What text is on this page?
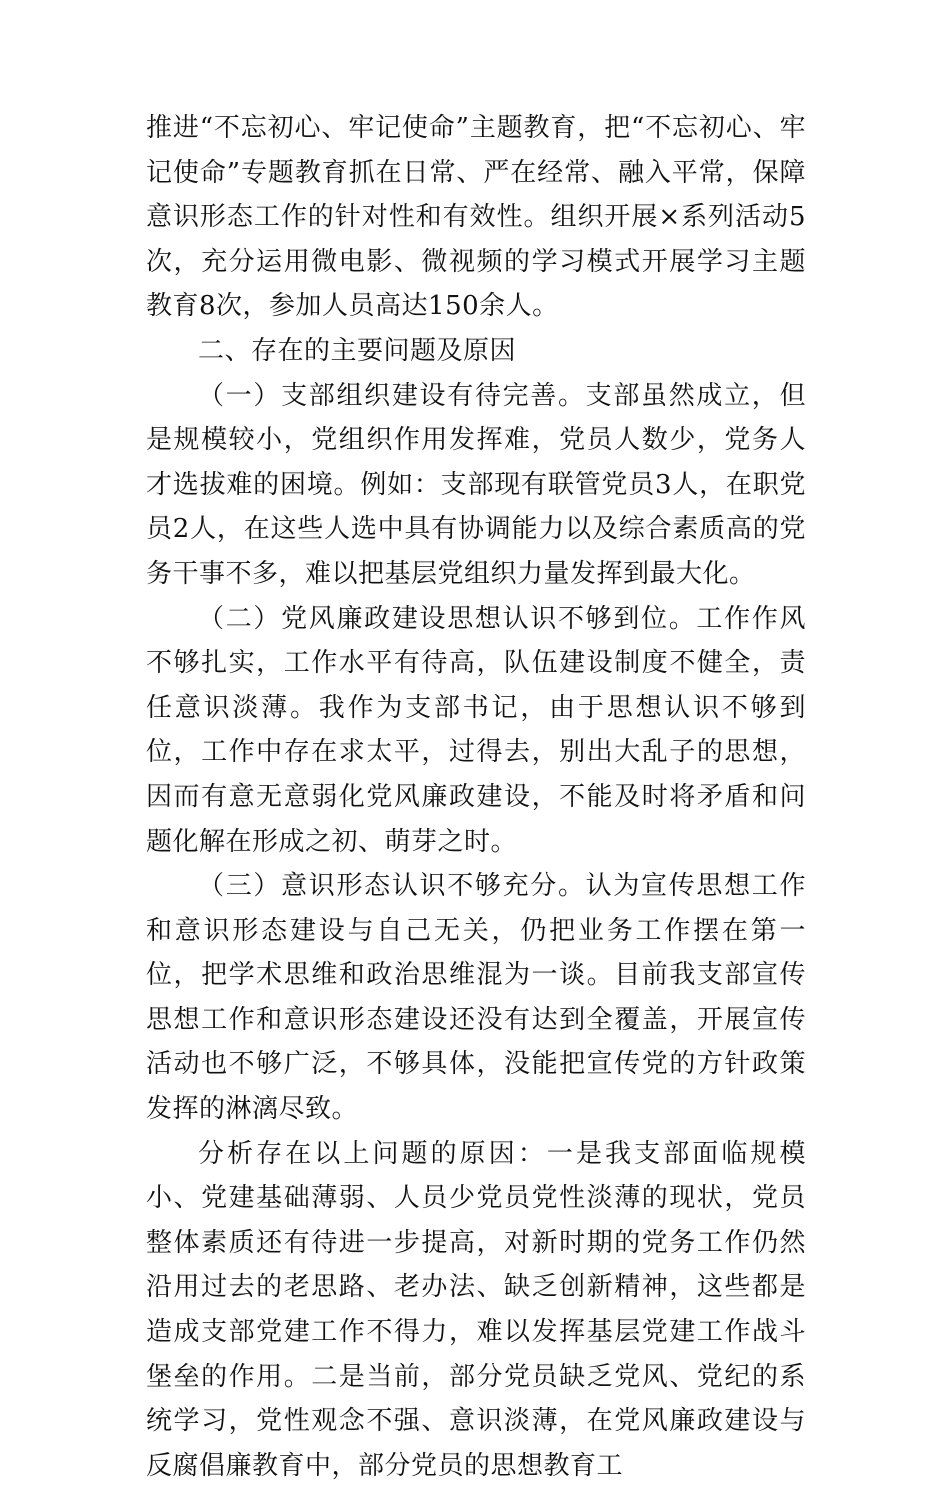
推进“不忘初心、牢记使命”主题教育，把“不忘初心、牢记使命”专题教育抓在日常、严在经常、融入平常，保障意识形态工作的针对性和有效性。组织开展×系列活动5次，充分运用微电影、微视频的学习模式开展学习主题教育8次，参加人员高达150余人。

二、存在的主要问题及原因

（一）支部组织建设有待完善。支部虽然成立，但是规模较小，党组织作用发挥难，党员人数少，党务人才选拔难的困境。例如：支部现有联管党员3人，在职党员2人，在这些人选中具有协调能力以及综合素质高的党务干事不多，难以把基层党组织力量发挥到最大化。

（二）党风廉政建设思想认识不够到位。工作作风不够扎实，工作水平有待高，队伍建设制度不健全，责任意识淡薄。我作为支部书记，由于思想认识不够到位，工作中存在求太平，过得去，别出大乱子的思想，因而有意无意弱化党风廉政建设，不能及时将矛盾和问题化解在形成之初、萌芽之时。

（三）意识形态认识不够充分。认为宣传思想工作和意识形态建设与自己无关，仍把业务工作摆在第一位，把学术思维和政治思维混为一谈。目前我支部宣传思想工作和意识形态建设还没有达到全覆盖，开展宣传活动也不够广泛，不够具体，没能把宣传党的方针政策发挥的淋漓尽致。

分析存在以上问题的原因：一是我支部面临规模小、党建基础薄弱、人员少党员党性淡薄的现状，党员整体素质还有待进一步提高，对新时期的党务工作仍然沿用过去的老思路、老办法、缺乏创新精神，这些都是造成支部党建工作不得力，难以发挥基层党建工作战斗堡垒的作用。二是当前，部分党员缺乏党风、党纪的系统学习，党性观念不强、意识淡薄，在党风廉政建设与反腐倡廉教育中，部分党员的思想教育工
